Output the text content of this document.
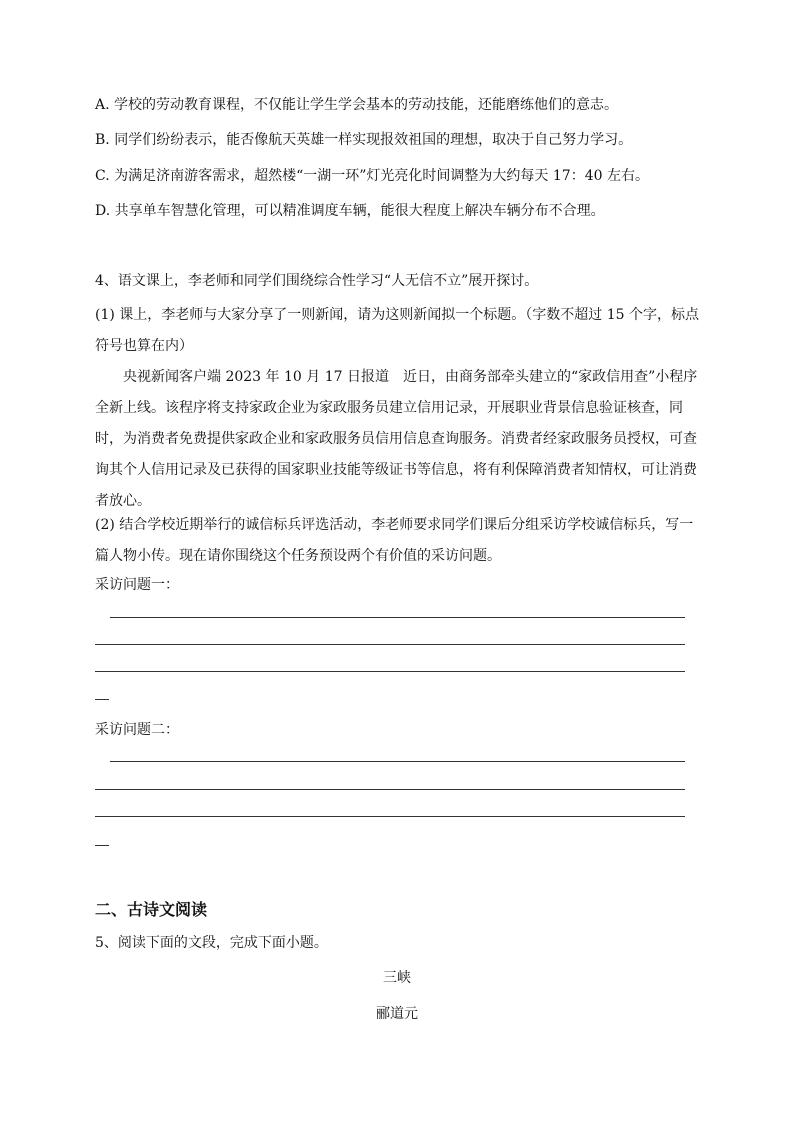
A. 学校的劳动教育课程，不仅能让学生学会基本的劳动技能，还能磨练他们的意志。
B. 同学们纷纷表示，能否像航天英雄一样实现报效祖国的理想，取决于自己努力学习。
C. 为满足济南游客需求，超然楼“一湖一环”灯光亮化时间调整为大约每天 17：40 左右。
D. 共享单车智慧化管理，可以精准调度车辆，能很大程度上解决车辆分布不合理。
4、语文课上，李老师和同学们围绕综合性学习“人无信不立”展开探讨。
(1) 课上，李老师与大家分享了一则新闻，请为这则新闻拟一个标题。（字数不超过 15 个字，标点符号也算在内）
央视新闻客户端 2023 年 10 月 17 日报道　近日，由商务部牵头建立的“家政信用查”小程序全新上线。该程序将支持家政企业为家政服务员建立信用记录，开展职业背景信息验证核查，同时，为消费者免费提供家政企业和家政服务员信用信息查询服务。消费者经家政服务员授权，可查询其个人信用记录及已获得的国家职业技能等级证书等信息，将有利保障消费者知情权，可让消费者放心。
(2) 结合学校近期举行的诚信标兵评选活动，李老师要求同学们课后分组采访学校诚信标兵，写一篇人物小传。现在请你围绕这个任务预设两个有价值的采访问题。
采访问题一：
采访问题二：
二、古诗文阅读
5、阅读下面的文段，完成下面小题。
三峡
郦道元
